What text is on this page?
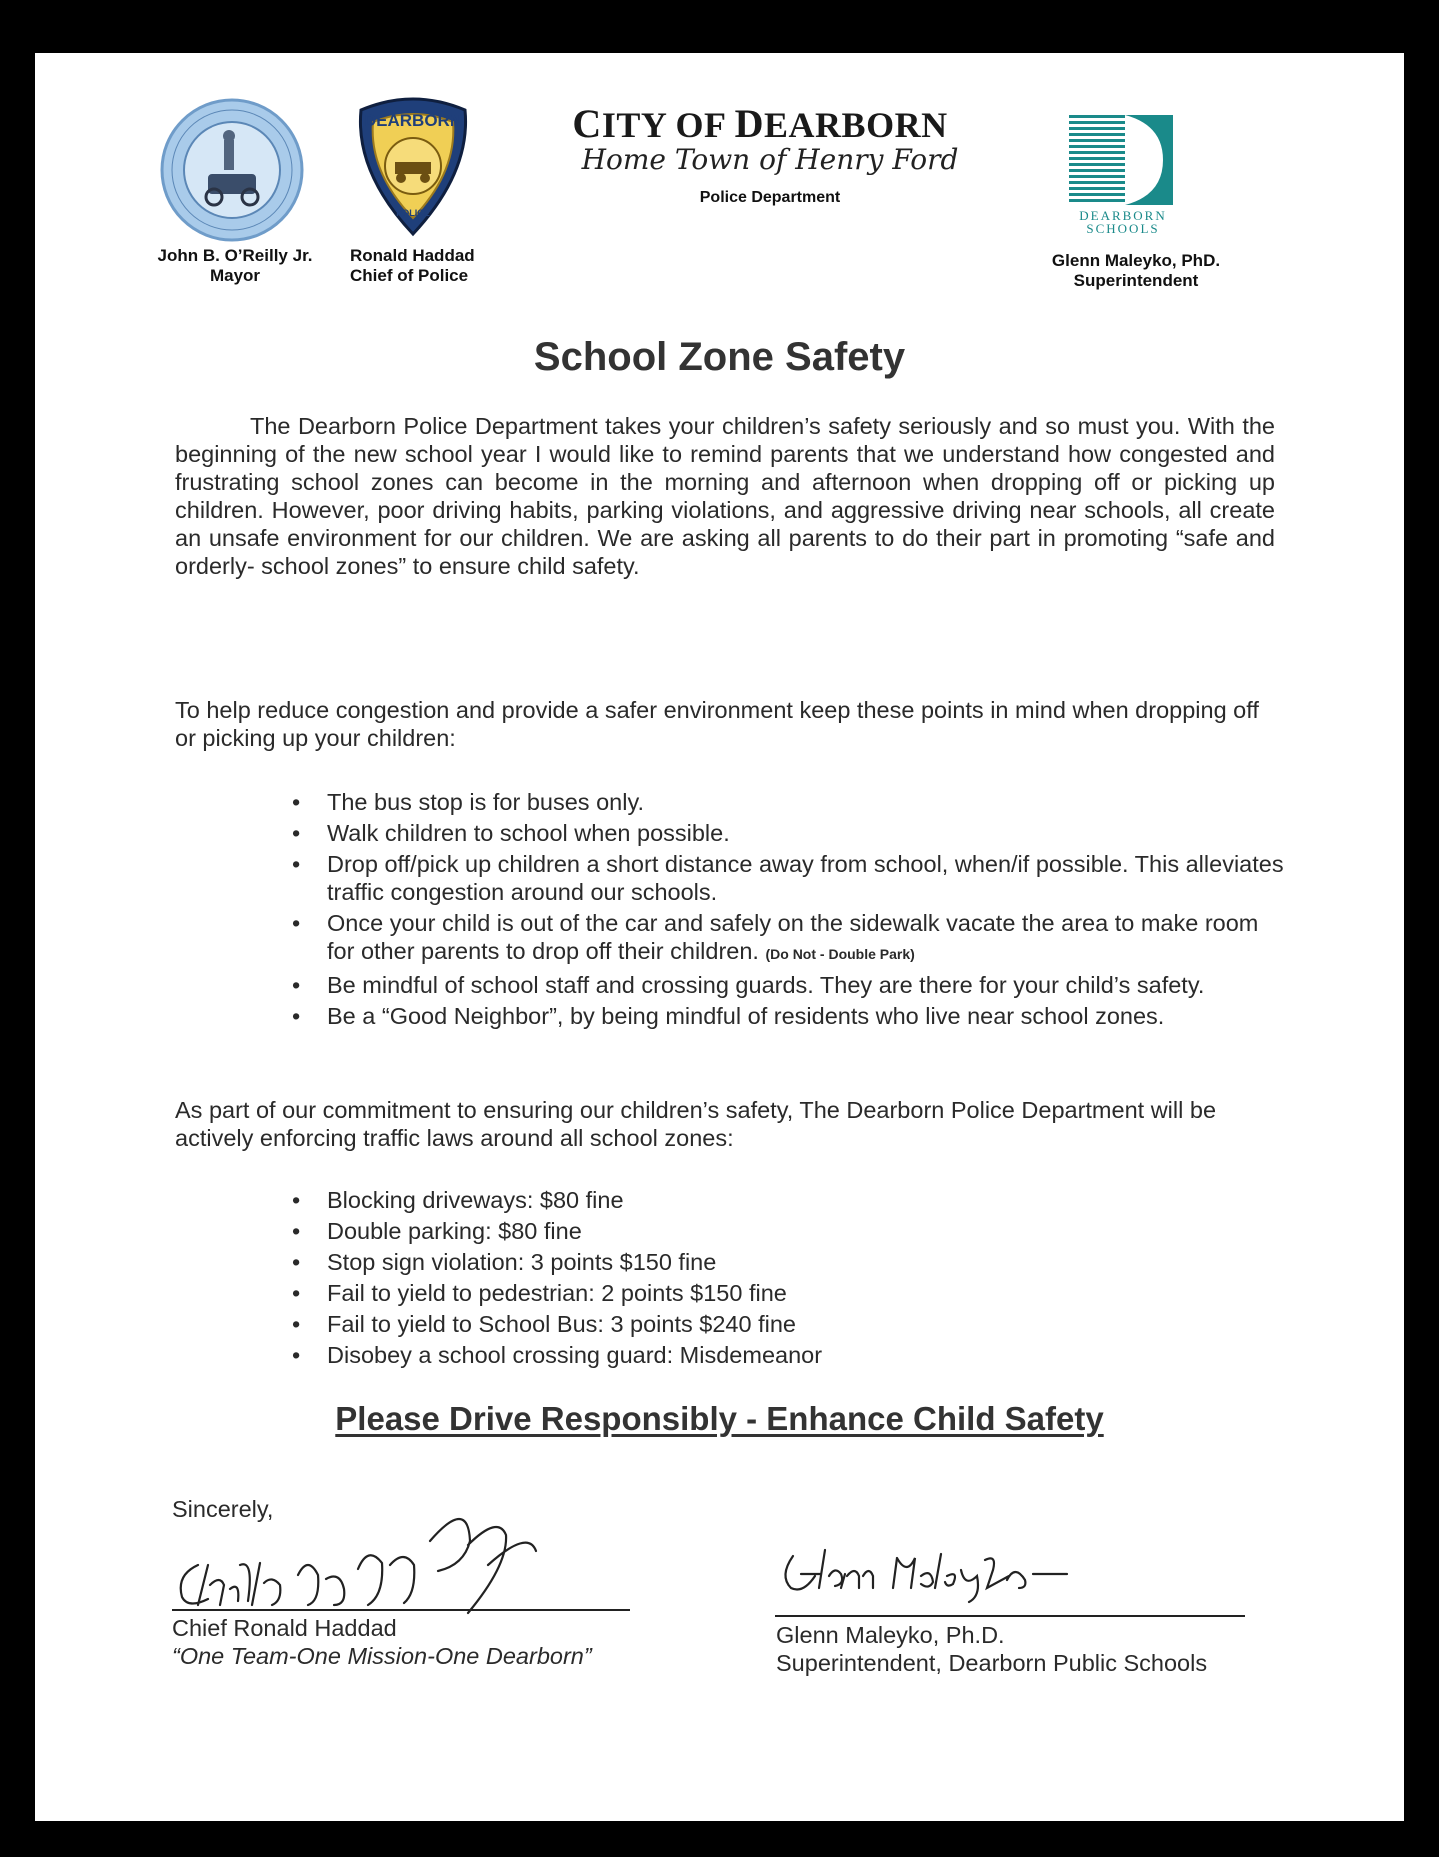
DEARBORN
POLICE
CITY OF DEARBORN
Home Town of Henry Ford
Police Department
DEARBORN
SCHOOLS
John B. O’Reilly Jr.
Mayor
Ronald Haddad
Chief of Police
Glenn Maleyko, PhD.
Superintendent
School Zone Safety
The Dearborn Police Department takes your children’s safety seriously and so must you. With the beginning of the new school year I would like to remind parents that we understand how congested and frustrating school zones can become in the morning and afternoon when dropping off or picking up children. However, poor driving habits, parking violations, and aggressive driving near schools, all create an unsafe environment for our children. We are asking all parents to do their part in promoting “safe and orderly- school zones” to ensure child safety.
To help reduce congestion and provide a safer environment keep these points in mind when dropping off or picking up your children:
• The bus stop is for buses only.
• Walk children to school when possible.
• Drop off/pick up children a short distance away from school, when/if possible. This alleviates traffic congestion around our schools.
• Once your child is out of the car and safely on the sidewalk vacate the area to make room for other parents to drop off their children. (Do Not - Double Park)
• Be mindful of school staff and crossing guards. They are there for your child’s safety.
• Be a “Good Neighbor”, by being mindful of residents who live near school zones.
As part of our commitment to ensuring our children’s safety, The Dearborn Police Department will be actively enforcing traffic laws around all school zones:
• Blocking driveways: $80 fine
• Double parking: $80 fine
• Stop sign violation: 3 points $150 fine
• Fail to yield to pedestrian: 2 points $150 fine
• Fail to yield to School Bus: 3 points $240 fine
• Disobey a school crossing guard: Misdemeanor
Please Drive Responsibly - Enhance Child Safety
Sincerely,
Chief Ronald Haddad
“One Team-One Mission-One Dearborn”
Glenn Maleyko, Ph.D.
Superintendent, Dearborn Public Schools
